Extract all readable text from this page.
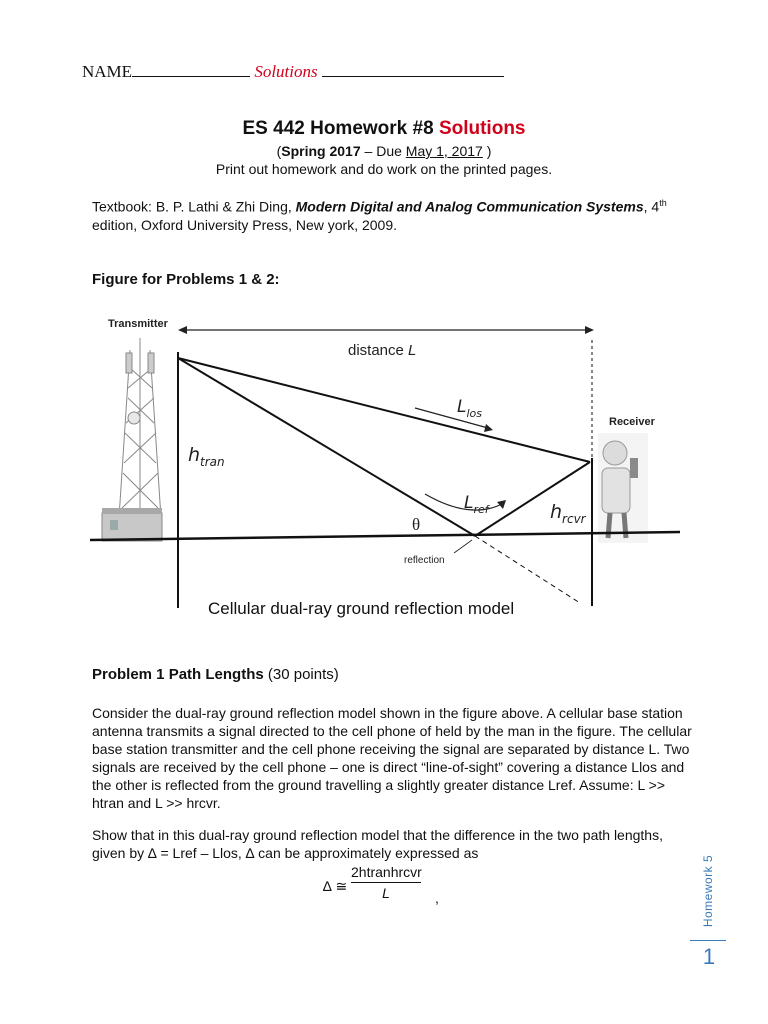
NAME	Solutions
ES 442 Homework #8 Solutions
(Spring 2017 – Due May 1, 2017 )
Print out homework and do work on the printed pages.
Textbook: B. P. Lathi & Zhi Ding, Modern Digital and Analog Communication Systems, 4th edition, Oxford University Press, New york, 2009.
Figure for Problems 1 & 2:
Transmitter
Receiver
distance L
$L_{los}$
$L_{ref}$
$h_{tran}$
$h_{rcvr}$
θ
reflection
Cellular dual-ray ground reflection model
Problem 1 Path Lengths (30 points)
Consider the dual-ray ground reflection model shown in the figure above. A cellular base station antenna transmits a signal directed to the cell phone of held by the man in the figure. The cellular base station transmitter and the cell phone receiving the signal are separated by distance L. Two signals are received by the cell phone – one is direct “line-of-sight” covering a distance Llos and the other is reflected from the ground travelling a slightly greater distance Lref. Assume: L >> htran and L >> hrcvr.
Show that in this dual-ray ground reflection model that the difference in the two path lengths, given by ∆ = Lref – Llos, ∆ can be approximately expressed as
∆ ≅
2htranhrcvr
L	,	Homework 5
1
